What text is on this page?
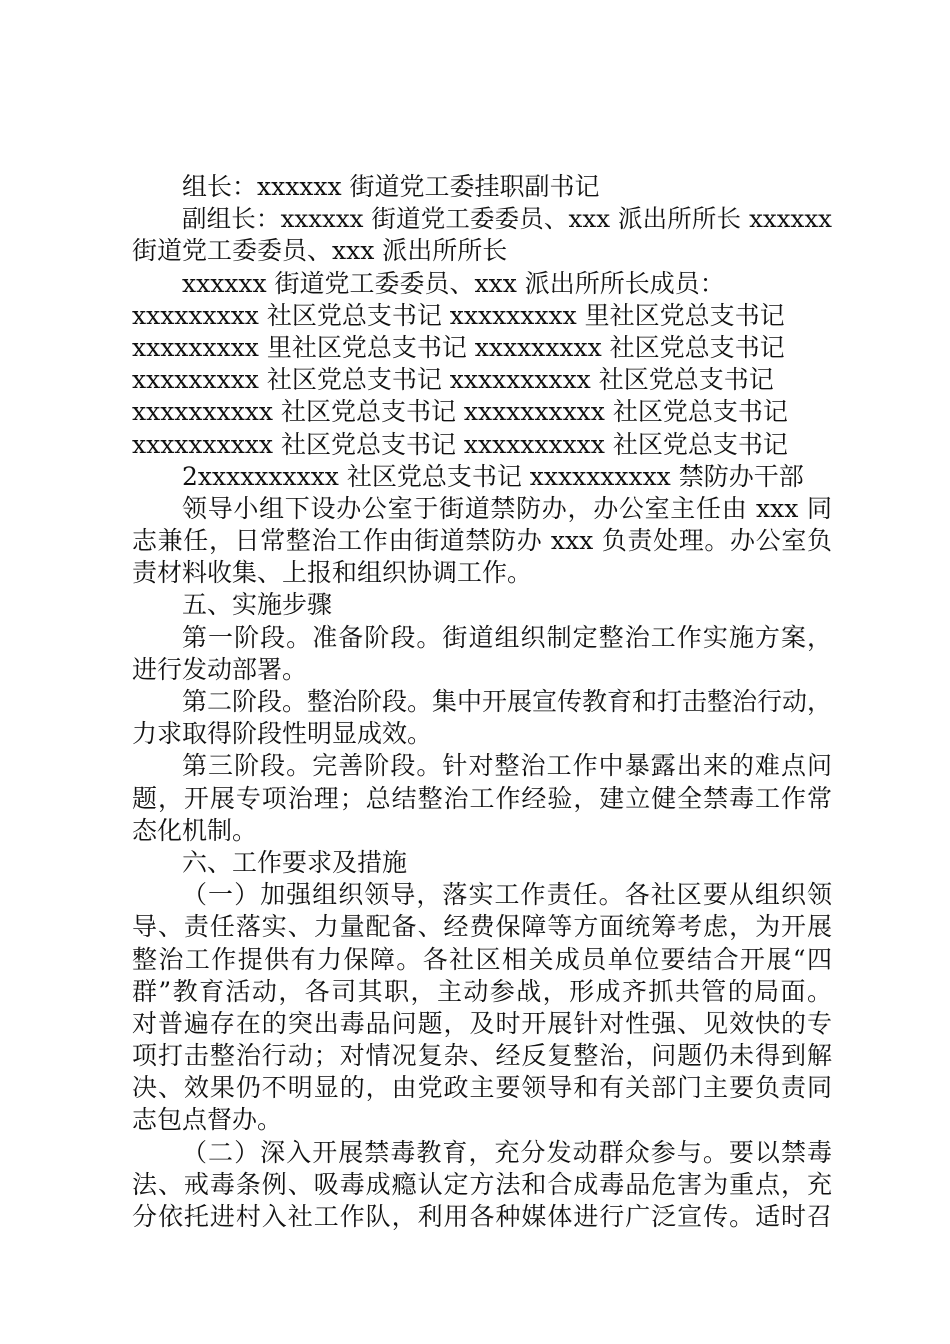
组长：xxxxxx 街道党工委挂职副书记
副组长：xxxxxx 街道党工委委员、xxx 派出所所长 xxxxxx
街道党工委委员、xxx 派出所所长
xxxxxx 街道党工委委员、xxx 派出所所长成员：
xxxxxxxxx 社区党总支书记 xxxxxxxxx 里社区党总支书记
xxxxxxxxx 里社区党总支书记 xxxxxxxxx 社区党总支书记
xxxxxxxxx 社区党总支书记 xxxxxxxxxx 社区党总支书记
xxxxxxxxxx 社区党总支书记 xxxxxxxxxx 社区党总支书记
xxxxxxxxxx 社区党总支书记 xxxxxxxxxx 社区党总支书记
2xxxxxxxxxx 社区党总支书记 xxxxxxxxxx 禁防办干部
领导小组下设办公室于街道禁防办，办公室主任由 xxx 同
志兼任，日常整治工作由街道禁防办 xxx 负责处理。办公室负
责材料收集、上报和组织协调工作。
五、实施步骤
第一阶段。准备阶段。街道组织制定整治工作实施方案，
进行发动部署。
第二阶段。整治阶段。集中开展宣传教育和打击整治行动，
力求取得阶段性明显成效。
第三阶段。完善阶段。针对整治工作中暴露出来的难点问
题，开展专项治理；总结整治工作经验，建立健全禁毒工作常
态化机制。
六、工作要求及措施
（一）加强组织领导，落实工作责任。各社区要从组织领
导、责任落实、力量配备、经费保障等方面统筹考虑，为开展
整治工作提供有力保障。各社区相关成员单位要结合开展“四
群”教育活动，各司其职，主动参战，形成齐抓共管的局面。
对普遍存在的突出毒品问题，及时开展针对性强、见效快的专
项打击整治行动；对情况复杂、经反复整治，问题仍未得到解
决、效果仍不明显的，由党政主要领导和有关部门主要负责同
志包点督办。
（二）深入开展禁毒教育，充分发动群众参与。要以禁毒
法、戒毒条例、吸毒成瘾认定方法和合成毒品危害为重点，充
分依托进村入社工作队，利用各种媒体进行广泛宣传。适时召
